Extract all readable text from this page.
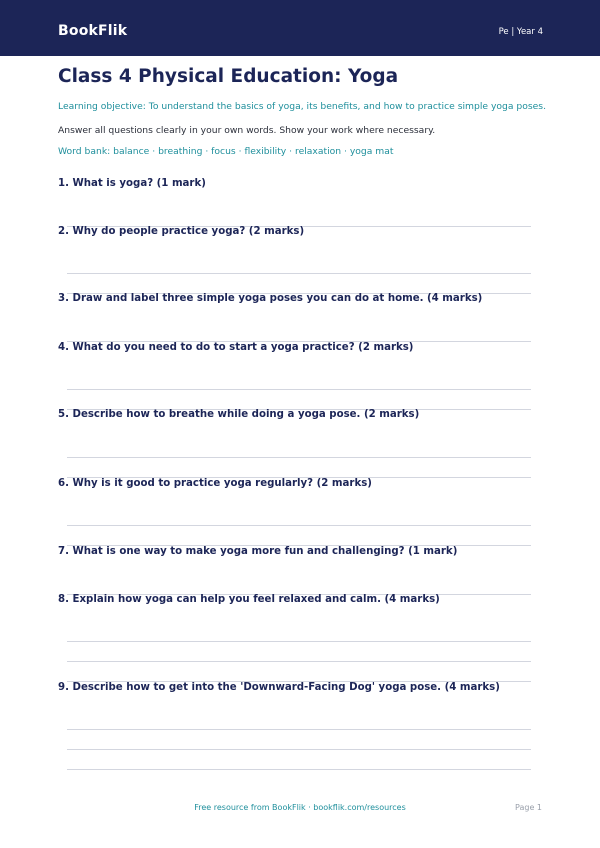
BookFlik	Pe | Year 4
Class 4 Physical Education: Yoga
Learning objective: To understand the basics of yoga, its benefits, and how to practice simple yoga poses.
Answer all questions clearly in your own words. Show your work where necessary.
Word bank: balance · breathing · focus · flexibility · relaxation · yoga mat
1. What is yoga? (1 mark)
2. Why do people practice yoga? (2 marks)
3. Draw and label three simple yoga poses you can do at home. (4 marks)
4. What do you need to do to start a yoga practice? (2 marks)
5. Describe how to breathe while doing a yoga pose. (2 marks)
6. Why is it good to practice yoga regularly? (2 marks)
7. What is one way to make yoga more fun and challenging? (1 mark)
8. Explain how yoga can help you feel relaxed and calm. (4 marks)
9. Describe how to get into the 'Downward-Facing Dog' yoga pose. (4 marks)
Free resource from BookFlik · bookflik.com/resources	Page 1
